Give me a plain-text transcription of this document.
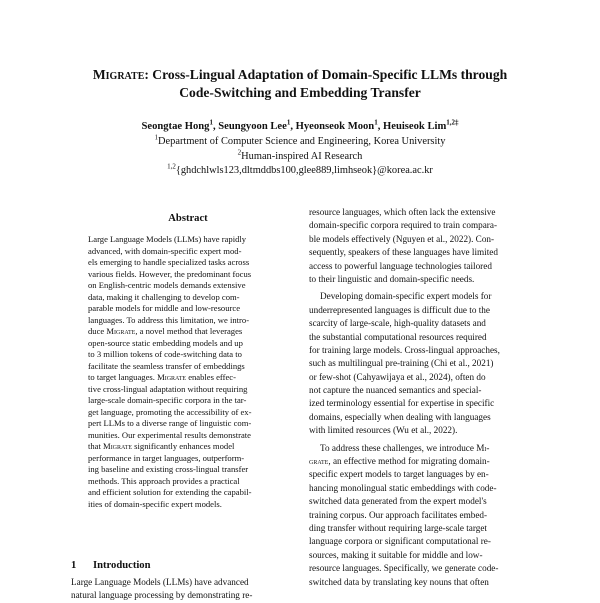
Migrate: Cross-Lingual Adaptation of Domain-Specific LLMs through
Code-Switching and Embedding Transfer
Seongtae Hong$^1$, Seungyoon Lee$^1$, Hyeonseok Moon$^1$, Heuiseok Lim$^{1,2\ddagger}$
$^1$Department of Computer Science and Engineering, Korea University
$^2$Human-inspired AI Research
$^{1,2}${ghdchlwls123,dltmddbs100,glee889,limhseok}@korea.ac.kr
Abstract
Large Language Models (LLMs) have rapidly
advanced, with domain-specific expert mod-
els emerging to handle specialized tasks across
various fields. However, the predominant focus
on English-centric models demands extensive
data, making it challenging to develop com-
parable models for middle and low-resource
languages. To address this limitation, we intro-
duce Migrate, a novel method that leverages
open-source static embedding models and up
to 3 million tokens of code-switching data to
facilitate the seamless transfer of embeddings
to target languages. Migrate enables effec-
tive cross-lingual adaptation without requiring
large-scale domain-specific corpora in the tar-
get language, promoting the accessibility of ex-
pert LLMs to a diverse range of linguistic com-
munities. Our experimental results demonstrate
that Migrate significantly enhances model
performance in target languages, outperform-
ing baseline and existing cross-lingual transfer
methods. This approach provides a practical
and efficient solution for extending the capabil-
ities of domain-specific expert models.
1 Introduction
Large Language Models (LLMs) have advanced
natural language processing by demonstrating re-
resource languages, which often lack the extensive
domain-specific corpora required to train compara-
ble models effectively (Nguyen et al., 2022). Con-
sequently, speakers of these languages have limited
access to powerful language technologies tailored
to their linguistic and domain-specific needs.
Developing domain-specific expert models for
underrepresented languages is difficult due to the
scarcity of large-scale, high-quality datasets and
the substantial computational resources required
for training large models. Cross-lingual approaches,
such as multilingual pre-training (Chi et al., 2021)
or few-shot (Cahyawijaya et al., 2024), often do
not capture the nuanced semantics and special-
ized terminology essential for expertise in specific
domains, especially when dealing with languages
with limited resources (Wu et al., 2022).
To address these challenges, we introduce Mi-
grate, an effective method for migrating domain-
specific expert models to target languages by en-
hancing monolingual static embeddings with code-
switched data generated from the expert model's
training corpus. Our approach facilitates embed-
ding transfer without requiring large-scale target
language corpora or significant computational re-
sources, making it suitable for middle and low-
resource languages. Specifically, we generate code-
switched data by translating key nouns that often
